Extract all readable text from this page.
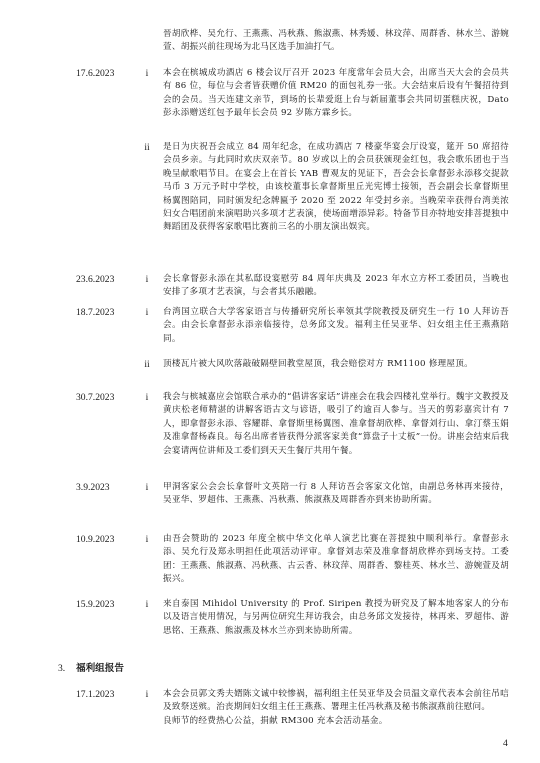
晉胡欣桦、吴允行、王燕燕、冯秋燕、熊淑燕、林秀媛、林玟萍、周群香、林水兰、游婉萱、胡振兴前往现场为北马区选手加油打气。
17.6.2023	i	本会在槟城成功酒店 6 楼会议厅召开 2023 年度常年会员大会，出席当天大会的会员共有 86 位，每位与会者皆获赠价值 RM20 的面包礼券一张。大会结束后设有午餐招待到会的会员。当天连建文亲节，到场的长辈爱逛上台与新届董事会共同切蛋糕庆祝，Dato 彭永添赠送红包予最年长会员 92 岁陈方霖乡长。
ii	是日为庆祝吾会成立 84 周年纪念，在成功酒店 7 楼豪华宴会厅设宴，筵开 50 席招待会员乡亲。与此同时欢庆双亲节。80 岁或以上的会员获颁现金红包，我会歌乐团也于当晚呈献歌唱节目。在宴会上在首长 YAB 曹观友的见证下，吾会会长拿督彭永添移交捉款马币 3 万元予时中学校，由该校董事长拿督斯里丘光宪博士接领，吾会副会长拿督斯里杨翼图陪同，同时颁发纪念牌匾予 2020 至 2022 年受封乡亲。当晚荣幸获得台湾美浓妇女合唱团前来演唱助兴多项才艺表演，使场面增添异彩。特备节目亦特地安排菩提独中舞蹈团及获得客家歌唱比赛前三名的小朋友演出娱宾。
23.6.2023	i	会长拿督彭永添在其私邸设宴慰劳 84 周年庆典及 2023 年水立方杯工委团员，当晚也安排了多项才艺表演，与会者其乐融融。
18.7.2023	i	台湾国立联合大学客家语言与传播研究所长率领其学院教授及研究生一行 10 人拜访吾会。由会长拿督彭永添亲临接待，总务邱文发。福利主任吴亚华、妇女组主任王燕燕陪同。
ii	顶楼瓦片被大风吹落敲破隔壁回教堂屋顶，我会赔偿对方 RM1100 修理屋顶。
30.7.2023	i	我会与槟城嘉应会馆联合承办的“倡讲客家话”讲座会在我会四楼礼堂举行。魏宇文教授及黄庆松老师精湛的讲解客语古文与谚语，吸引了约逾百人参与。当天的剪彩嘉宾计有 7 人，即拿督彭永添、容耀群、拿督斯里杨翼图、准拿督胡欣桦、拿督刘行山、拿汀蔡玉娟及准拿督杨森良。每名出席者皆获得分派客家美食“算盘子十丈板”一份。讲座会结束后我会宴请两位讲师及工委们到天天生餐厅共用午餐。
3.9.2023	i	甲洞客家公会会长拿督叶文英陪一行 8 人拜访吾会客家文化馆，由副总务林再来接待，吴亚华、罗超伟、王燕燕、冯秋燕、熊淑燕及周群香亦到来协助所需。
10.9.2023	i	由吾会赞助的 2023 年度全槟中华文化单人演艺比赛在菩提独中顺利举行。拿督彭永添、吴允行及郑永明担任此项活动评审。拿督刘志荣及准拿督胡欣桦亦到场支持。工委团：王燕燕、熊淑燕、冯秋燕、古云香、林玟萍、周群香、黎桂英、林水兰、游婉萱及胡振兴。
15.9.2023	i	来自泰国 Mihidol University 的 Prof. Siripen 教授为研究及了解本地客家人的分布以及语言使用情况，与另两位研究生拜访我会，由总务邱文发接待，林再来、罗超伟、游思铭、王燕燕、熊淑燕及林水兰亦到来协助所需。
3. 福利组报告
17.1.2023	i	本会会员郭文秀夫婿陈文诚中较惨祸，福利组主任吴亚华及会员温文章代表本会前往吊唁及致祭送殡。治丧期间妇女组主任王燕燕、署理主任冯秋燕及秘书熊淑燕前往慰问。
良师节的经费热心公益，捐献 RM300 充本会活动基金。
4
